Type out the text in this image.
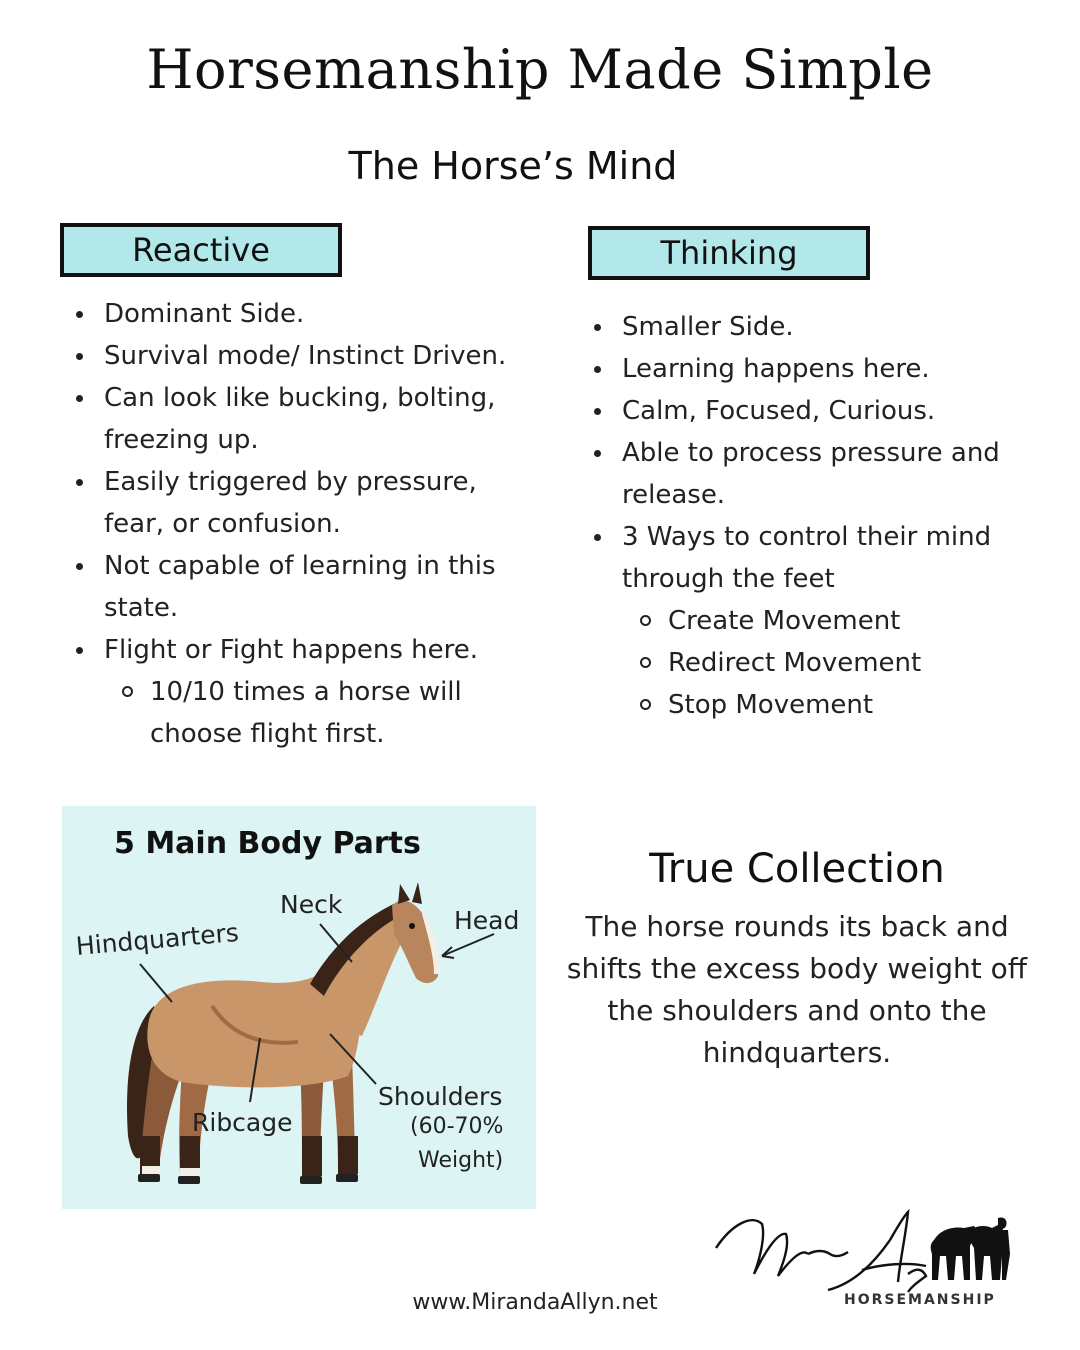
Horsemanship Made Simple
The Horse’s Mind
Reactive
Dominant Side.
Survival mode/ Instinct Driven.
Can look like bucking, bolting,
freezing up.
Easily triggered by pressure,
fear, or confusion.
Not capable of learning in this
state.
Flight or Fight happens here.
10/10 times a horse will
choose flight first.
Thinking
Smaller Side.
Learning happens here.
Calm, Focused, Curious.
Able to process pressure and
release.
3 Ways to control their mind
through the feet
Create Movement
Redirect Movement
Stop Movement
5 Main Body Parts
Neck
Head
Hindquarters
Ribcage
Shoulders
(60-70%
Weight)
True Collection
The horse rounds its back and
shifts the excess body weight off
the shoulders and onto the
hindquarters.
www.MirandaAllyn.net	HORSEMANSHIP
